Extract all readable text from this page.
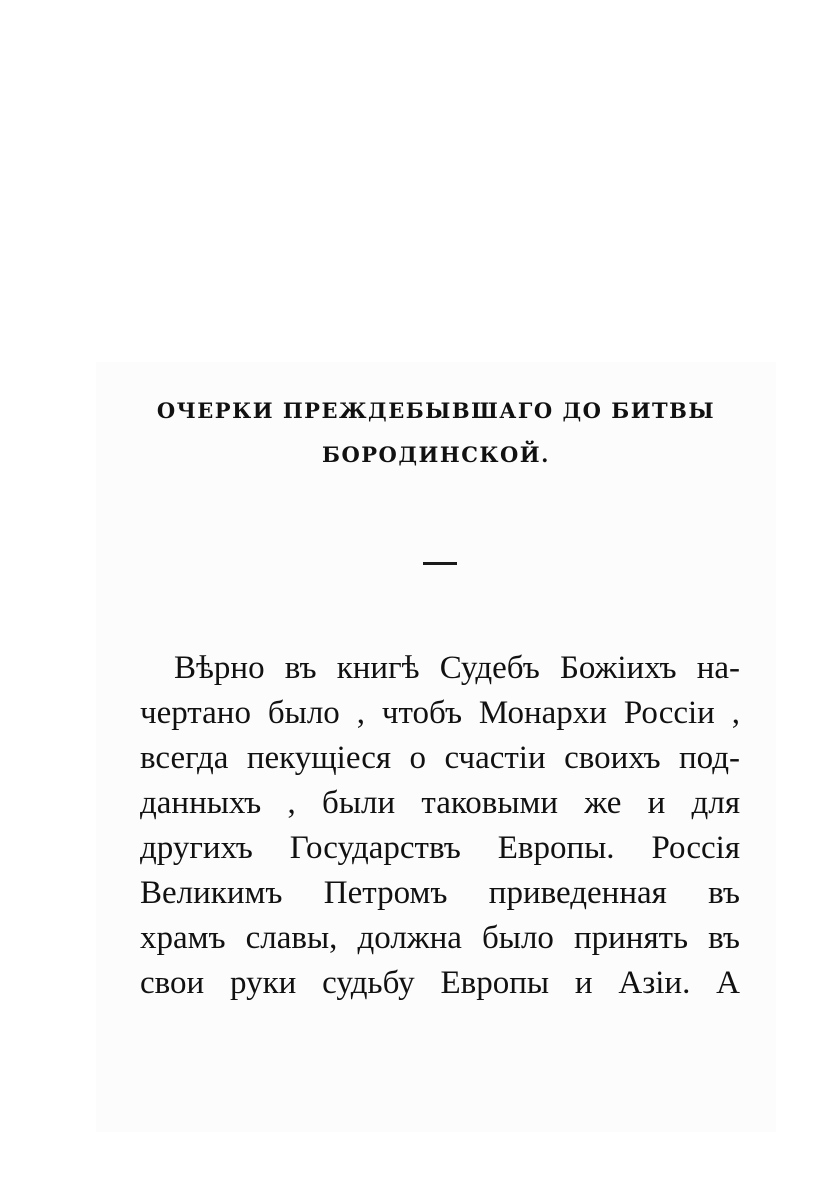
ОЧЕРКИ ПРЕЖДЕБЫВШАГО ДО БИТВЫ
БОРОДИНСКОЙ.
Вѣрно въ книгѣ Судебъ Божіихъ на-
чертано было , чтобъ Монархи Россіи ,
всегда пекущіеся о счастіи своихъ под-
данныхъ , были таковыми же и для
другихъ Государствъ Европы. Россія
Великимъ Петромъ приведенная въ
храмъ славы, должна было принять въ
свои руки судьбу Европы и Азіи. А
